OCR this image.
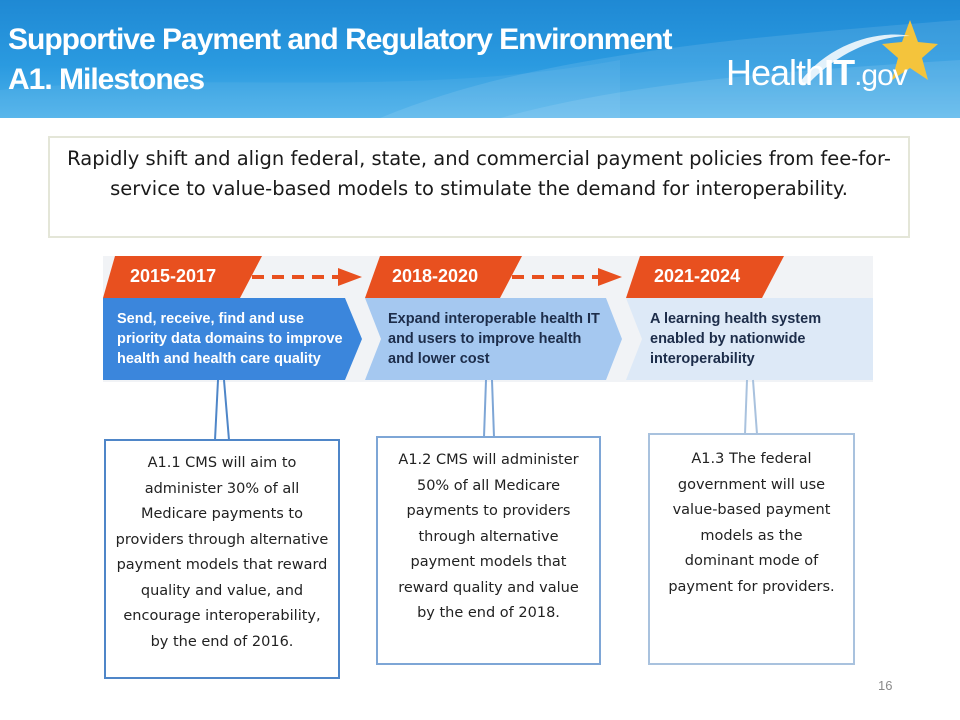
Supportive Payment and Regulatory Environment
A1. Milestones	HealthIT.gov
Rapidly shift and align federal, state, and commercial payment policies from fee-for-service to value-based models to stimulate the demand for interoperability.
2015-2017	2018-2020	2021-2024
Send, receive, find and use priority data domains to improve health and health care quality
Expand interoperable health IT and users to improve health and lower cost
A learning health system enabled by nationwide interoperability
A1.1 CMS will aim to administer 30% of all Medicare payments to providers through alternative payment models that reward quality and value, and encourage interoperability, by the end of 2016.
A1.2 CMS will administer 50% of all Medicare payments to providers through alternative payment models that reward quality and value by the end of 2018.
A1.3 The federal government will use value-based payment models as the dominant mode of payment for providers.
16
